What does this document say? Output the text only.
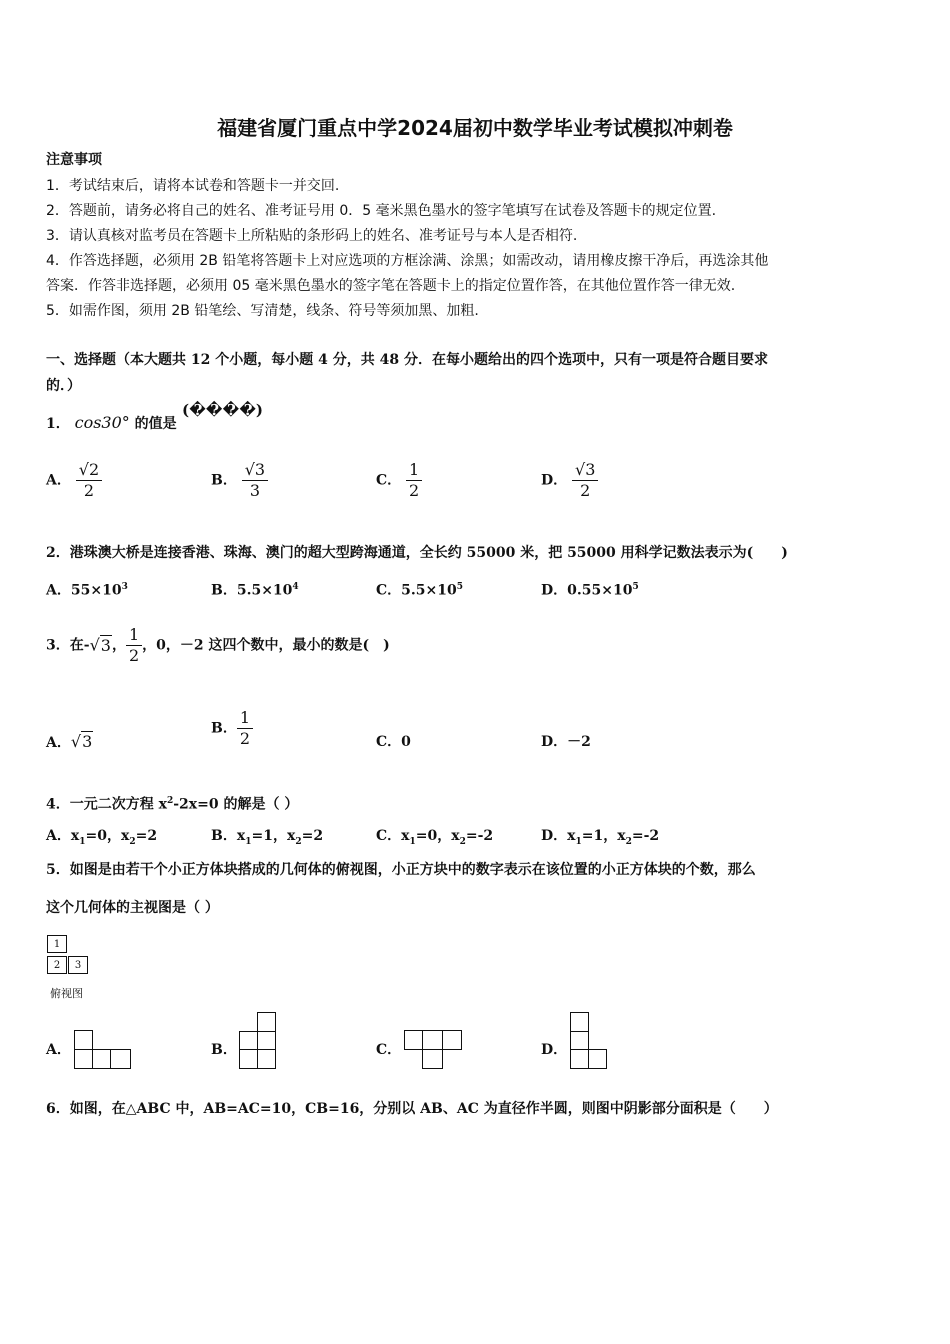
福建省厦门重点中学2024届初中数学毕业考试模拟冲刺卷
注意事项
1．考试结束后，请将本试卷和答题卡一并交回.
2．答题前，请务必将自己的姓名、准考证号用 0．5 毫米黑色墨水的签字笔填写在试卷及答题卡的规定位置.
3．请认真核对监考员在答题卡上所粘贴的条形码上的姓名、准考证号与本人是否相符.
4．作答选择题，必须用 2B 铅笔将答题卡上对应选项的方框涂满、涂黑；如需改动，请用橡皮擦干净后，再选涂其他
答案．作答非选择题，必须用 05 毫米黑色墨水的签字笔在答题卡上的指定位置作答，在其他位置作答一律无效.
5．如需作图，须用 2B 铅笔绘、写清楚，线条、符号等须加黑、加粗.
一、选择题（本大题共 12 个小题，每小题 4 分，共 48 分．在每小题给出的四个选项中，只有一项是符合题目要求
的．）
1． cos30° 的值是
(����)
A． $\frac{√2}{2}$	B． $\frac{√3}{3}$	C． $\frac{1}{2}$	D． $\frac{√3}{2}$
2．港珠澳大桥是连接香港、珠海、澳门的超大型跨海通道，全长约 55000 米，把 55000 用科学记数法表示为(　　)
A．$55\times 10^3$	B．$5.5\times 10^4$	C．$5.5\times 10^5$	D．$0.55\times 10^5$
3．在-√3， $\frac{1}{2}$ ，0，－2 这四个数中，最小的数是(　)
A．√3
B． $\frac{1}{2}$	C．0	D．－2
4．一元二次方程 $x^2-2x=0$ 的解是（ ）
A．$x_1=0$，$x_2=2$	B．$x_1=1$，$x_2=2$	C．$x_1=0$，$x_2=-2$	D．$x_1=1$，$x_2=-2$
5．如图是由若干个小正方体块搭成的几何体的俯视图，小正方块中的数字表示在该位置的小正方体块的个数，那么
这个几何体的主视图是（ ）
1
2	3
俯视图
A．	B．	C．	D．
6．如图，在△ABC 中，AB=AC=10，CB=16，分别以 AB、AC 为直径作半圆，则图中阴影部分面积是（　　）
